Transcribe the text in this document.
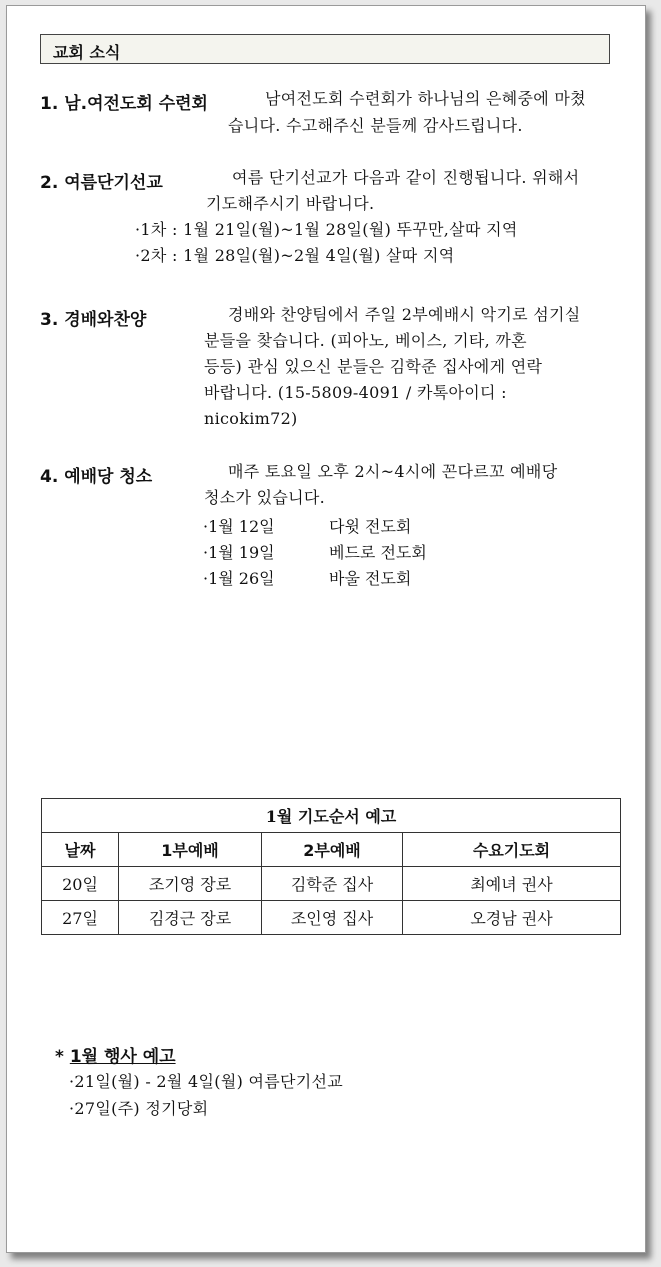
교회 소식
1. 남.여전도회 수련회	남여전도회 수련회가 하나님의 은혜중에 마쳤
습니다. 수고해주신 분들께 감사드립니다.
2. 여름단기선교	여름 단기선교가 다음과 같이 진행됩니다. 위해서
기도해주시기 바랍니다.
·1차 : 1월 21일(월)~1월 28일(월) 뚜꾸만,살따 지역
·2차 : 1월 28일(월)~2월 4일(월) 살따 지역
3. 경배와찬양	경배와 찬양팀에서 주일 2부예배시 악기로 섬기실
분들을 찾습니다. (피아노, 베이스, 기타, 까혼
등등) 관심 있으신 분들은 김학준 집사에게 연락
바랍니다. (15-5809-4091 / 카톡아이디 :
nicokim72)
4. 예배당 청소	매주 토요일 오후 2시~4시에 꼰다르꼬 예배당
청소가 있습니다.
·1월 12일	다윗 전도회
·1월 19일	베드로 전도회
·1월 26일	바울 전도회
1월 기도순서 예고			
날짜	1부예배	2부예배	수요기도회
20일	조기영 장로	김학준 집사	최예녀 권사
27일	김경근 장로	조인영 집사	오경남 권사
* 1월 행사 예고
·21일(월) - 2월 4일(월) 여름단기선교
·27일(주) 정기당회
